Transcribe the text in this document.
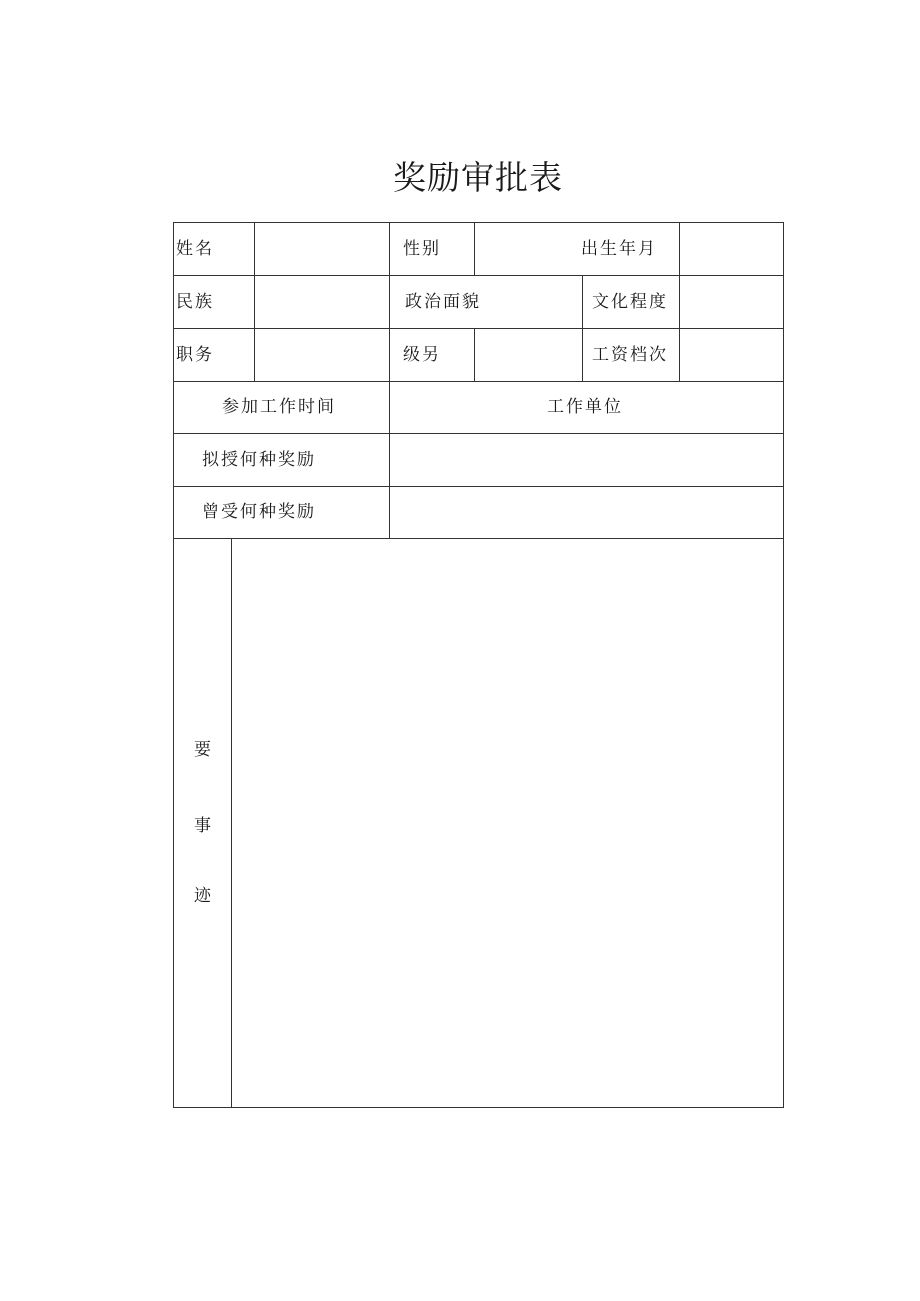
奖励审批表
姓名	性别	出生年月
民族	政治面貌	文化程度
职务	级另	工资档次
参加工作时间	工作单位
拟授何种奖励
曾受何种奖励
要
事
迹
